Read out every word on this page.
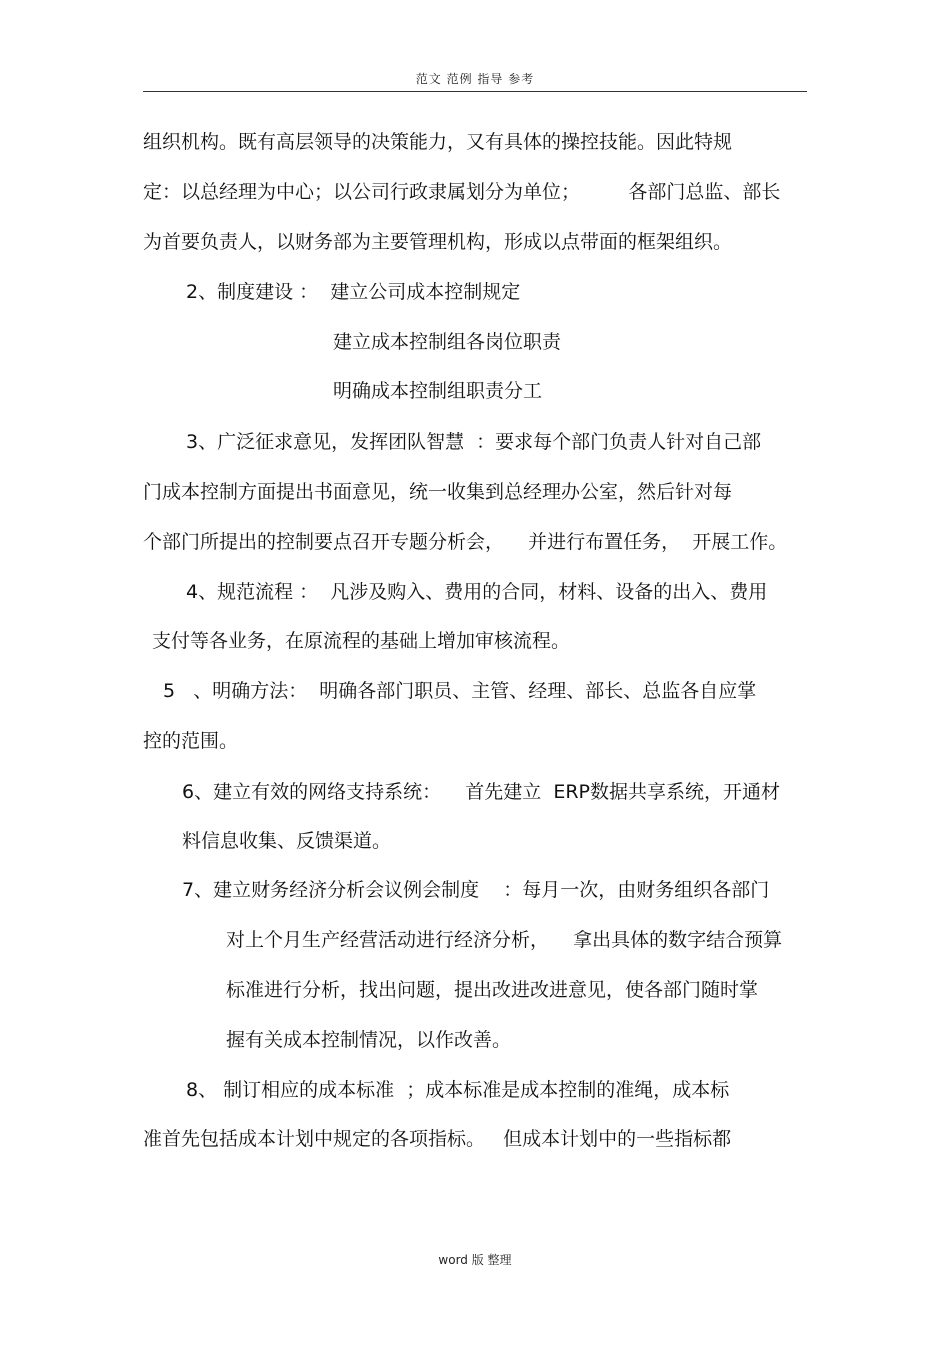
范文 范例 指导 参考
组织机构。既有高层领导的决策能力，又有具体的操控技能。因此特规
定：以总经理为中心；以公司行政隶属划分为单位；        各部门总监、部长
为首要负责人，以财务部为主要管理机构，形成以点带面的框架组织。
2、制度建设 ：  建立公司成本控制规定
建立成本控制组各岗位职责
明确成本控制组职责分工
3、广泛征求意见，发挥团队智慧  ：要求每个部门负责人针对自己部
门成本控制方面提出书面意见，统一收集到总经理办公室，然后针对每
个部门所提出的控制要点召开专题分析会，    并进行布置任务，  开展工作。
4、规范流程 ：  凡涉及购入、费用的合同，材料、设备的出入、费用
支付等各业务，在原流程的基础上增加审核流程。
5   、明确方法：  明确各部门职员、主管、经理、部长、总监各自应掌
控的范围。
6、建立有效的网络支持系统：    首先建立  ERP数据共享系统，开通材
料信息收集、反馈渠道。
7、建立财务经济分析会议例会制度    ：每月一次，由财务组织各部门
对上个月生产经营活动进行经济分析，    拿出具体的数字结合预算
标准进行分析，找出问题，提出改进改进意见，使各部门随时掌
握有关成本控制情况，以作改善。
8、 制订相应的成本标准  ；成本标准是成本控制的准绳，成本标
准首先包括成本计划中规定的各项指标。   但成本计划中的一些指标都
word 版 整理
